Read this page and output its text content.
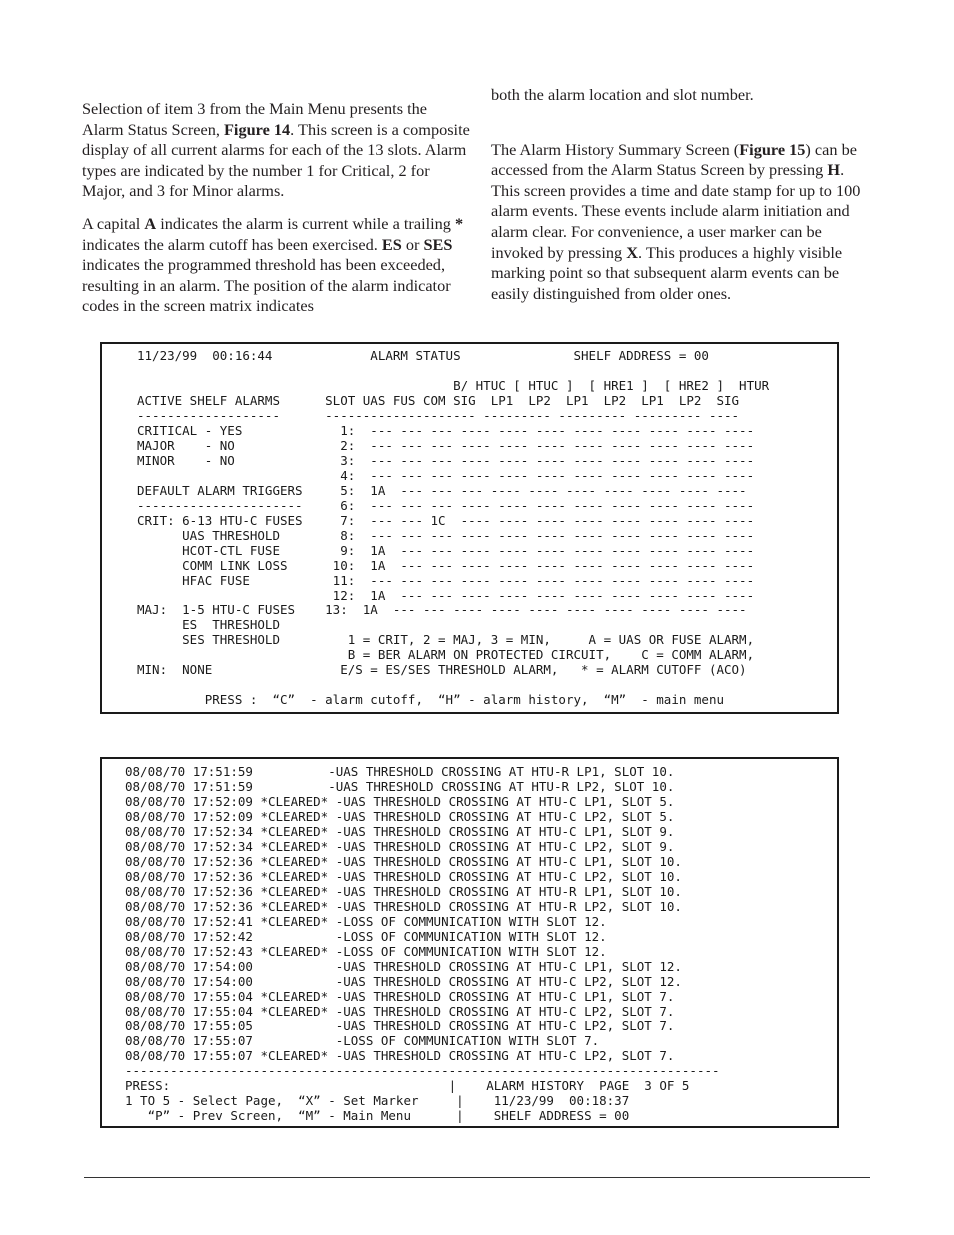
Selection of item 3 from the Main Menu presents the Alarm Status Screen, Figure 14. This screen is a composite display of all current alarms for each of the 13 slots. Alarm types are indicated by the number 1 for Critical, 2 for Major, and 3 for Minor alarms.

A capital A indicates the alarm is current while a trailing * indicates the alarm cutoff has been exercised. ES or SES indicates the programmed threshold has been exceeded, resulting in an alarm. The position of the alarm indicator codes in the screen matrix indicates

both the alarm location and slot number.

The Alarm History Summary Screen (Figure 15) can be accessed from the Alarm Status Screen by pressing H. This screen provides a time and date stamp for up to 100 alarm events. These events include alarm initiation and alarm clear. For convenience, a user marker can be invoked by pressing X. This produces a highly visible marking point so that subsequent alarm events can be easily distinguished from older ones.

11/23/99  00:16:44             ALARM STATUS               SHELF ADDRESS = 00

B/ HTUC [ HTUC ]  [ HRE1 ]  [ HRE2 ]  HTUR
ACTIVE SHELF ALARMS      SLOT UAS FUS COM SIG  LP1  LP2  LP1  LP2  LP1  LP2  SIG
-------------------      -------------------- --------- --------- --------- ----
CRITICAL - YES             1:  --- --- --- ---- ---- ---- ---- ---- ---- ---- ----
MAJOR    - NO              2:  --- --- --- ---- ---- ---- ---- ---- ---- ---- ----
MINOR    - NO              3:  --- --- --- ---- ---- ---- ---- ---- ---- ---- ----
4:  --- --- --- ---- ---- ---- ---- ---- ---- ---- ----
DEFAULT ALARM TRIGGERS     5:  1A  --- --- --- ---- ---- ---- ---- ---- ---- ----
----------------------     6:  --- --- --- ---- ---- ---- ---- ---- ---- ---- ----
CRIT: 6-13 HTU-C FUSES     7:  --- --- 1C  ---- ---- ---- ---- ---- ---- ---- ----
UAS THRESHOLD        8:  --- --- --- ---- ---- ---- ---- ---- ---- ---- ----
HCOT-CTL FUSE        9:  1A  --- --- ---- ---- ---- ---- ---- ---- ---- ----
COMM LINK LOSS      10:  1A  --- --- ---- ---- ---- ---- ---- ---- ---- ----
HFAC FUSE           11:  --- --- --- ---- ---- ---- ---- ---- ---- ---- ----
12:  1A  --- --- ---- ---- ---- ---- ---- ---- ---- ----
MAJ:  1-5 HTU-C FUSES    13:  1A  --- --- ---- ---- ---- ---- ---- ---- ---- ----
ES  THRESHOLD
SES THRESHOLD         1 = CRIT, 2 = MAJ, 3 = MIN,     A = UAS OR FUSE ALARM,
B = BER ALARM ON PROTECTED CIRCUIT,    C = COMM ALARM,
MIN:  NONE                 E/S = ES/SES THRESHOLD ALARM,   * = ALARM CUTOFF (ACO)

PRESS :  “C”  - alarm cutoff,  “H” - alarm history,  “M”  - main menu
08/08/70 17:51:59          -UAS THRESHOLD CROSSING AT HTU-R LP1, SLOT 10.
08/08/70 17:51:59          -UAS THRESHOLD CROSSING AT HTU-R LP2, SLOT 10.
08/08/70 17:52:09 *CLEARED* -UAS THRESHOLD CROSSING AT HTU-C LP1, SLOT 5.
08/08/70 17:52:09 *CLEARED* -UAS THRESHOLD CROSSING AT HTU-C LP2, SLOT 5.
08/08/70 17:52:34 *CLEARED* -UAS THRESHOLD CROSSING AT HTU-C LP1, SLOT 9.
08/08/70 17:52:34 *CLEARED* -UAS THRESHOLD CROSSING AT HTU-C LP2, SLOT 9.
08/08/70 17:52:36 *CLEARED* -UAS THRESHOLD CROSSING AT HTU-C LP1, SLOT 10.
08/08/70 17:52:36 *CLEARED* -UAS THRESHOLD CROSSING AT HTU-C LP2, SLOT 10.
08/08/70 17:52:36 *CLEARED* -UAS THRESHOLD CROSSING AT HTU-R LP1, SLOT 10.
08/08/70 17:52:36 *CLEARED* -UAS THRESHOLD CROSSING AT HTU-R LP2, SLOT 10.
08/08/70 17:52:41 *CLEARED* -LOSS OF COMMUNICATION WITH SLOT 12.
08/08/70 17:52:42           -LOSS OF COMMUNICATION WITH SLOT 12.
08/08/70 17:52:43 *CLEARED* -LOSS OF COMMUNICATION WITH SLOT 12.
08/08/70 17:54:00           -UAS THRESHOLD CROSSING AT HTU-C LP1, SLOT 12.
08/08/70 17:54:00           -UAS THRESHOLD CROSSING AT HTU-C LP2, SLOT 12.
08/08/70 17:55:04 *CLEARED* -UAS THRESHOLD CROSSING AT HTU-C LP1, SLOT 7.
08/08/70 17:55:04 *CLEARED* -UAS THRESHOLD CROSSING AT HTU-C LP2, SLOT 7.
08/08/70 17:55:05           -UAS THRESHOLD CROSSING AT HTU-C LP2, SLOT 7.
08/08/70 17:55:07           -LOSS OF COMMUNICATION WITH SLOT 7.
08/08/70 17:55:07 *CLEARED* -UAS THRESHOLD CROSSING AT HTU-C LP2, SLOT 7.
-------------------------------------------------------------------------------
PRESS:                                     |    ALARM HISTORY  PAGE  3 OF 5
1 TO 5 - Select Page,  “X” - Set Marker     |    11/23/99  00:18:37
“P” - Prev Screen,  “M” - Main Menu      |    SHELF ADDRESS = 00
